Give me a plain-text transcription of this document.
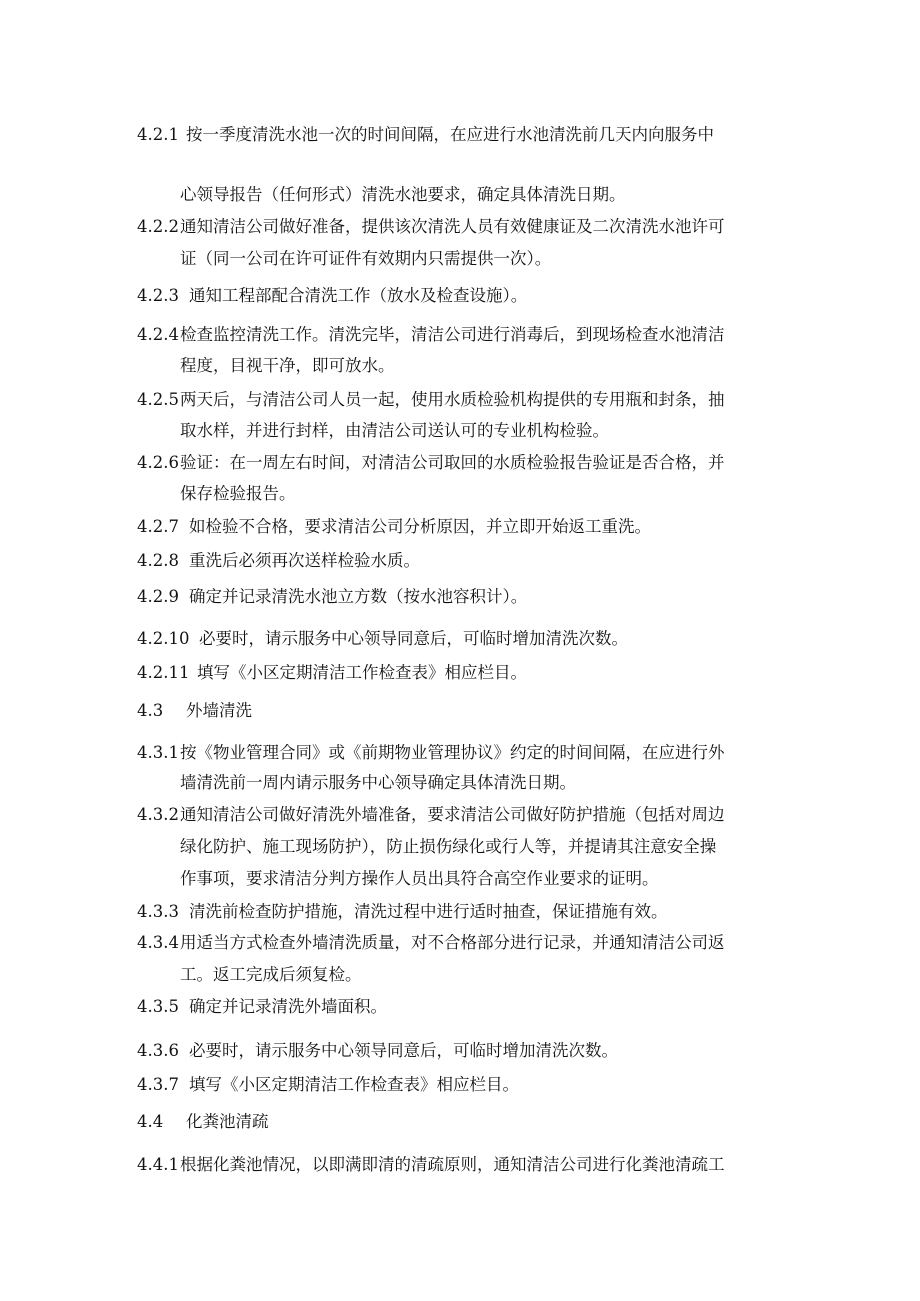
4.2.1 按一季度清洗水池一次的时间间隔，在应进行水池清洗前几天内向服务中
心领导报告（任何形式）清洗水池要求，确定具体清洗日期。
4.2.2 通知清洁公司做好准备，提供该次清洗人员有效健康证及二次清洗水池许可
证（同一公司在许可证件有效期内只需提供一次）。
4.2.3 通知工程部配合清洗工作（放水及检查设施）。
4.2.4 检查监控清洗工作。清洗完毕，清洁公司进行消毒后，到现场检查水池清洁
程度，目视干净，即可放水。
4.2.5 两天后，与清洁公司人员一起，使用水质检验机构提供的专用瓶和封条，抽
取水样，并进行封样，由清洁公司送认可的专业机构检验。
4.2.6 验证：在一周左右时间，对清洁公司取回的水质检验报告验证是否合格，并
保存检验报告。
4.2.7 如检验不合格，要求清洁公司分析原因，并立即开始返工重洗。
4.2.8 重洗后必须再次送样检验水质。
4.2.9 确定并记录清洗水池立方数（按水池容积计）。
4.2.10 必要时，请示服务中心领导同意后，可临时增加清洗次数。
4.2.11 填写《小区定期清洁工作检查表》相应栏目。
4.3 外墙清洗
4.3.1 按《物业管理合同》或《前期物业管理协议》约定的时间间隔，在应进行外
墙清洗前一周内请示服务中心领导确定具体清洗日期。
4.3.2 通知清洁公司做好清洗外墙准备，要求清洁公司做好防护措施（包括对周边
绿化防护、施工现场防护），防止损伤绿化或行人等，并提请其注意安全操
作事项，要求清洁分判方操作人员出具符合高空作业要求的证明。
4.3.3 清洗前检查防护措施，清洗过程中进行适时抽查，保证措施有效。
4.3.4 用适当方式检查外墙清洗质量，对不合格部分进行记录，并通知清洁公司返
工。返工完成后须复检。
4.3.5 确定并记录清洗外墙面积。
4.3.6 必要时，请示服务中心领导同意后，可临时增加清洗次数。
4.3.7 填写《小区定期清洁工作检查表》相应栏目。
4.4 化粪池清疏
4.4.1 根据化粪池情况，以即满即清的清疏原则，通知清洁公司进行化粪池清疏工
